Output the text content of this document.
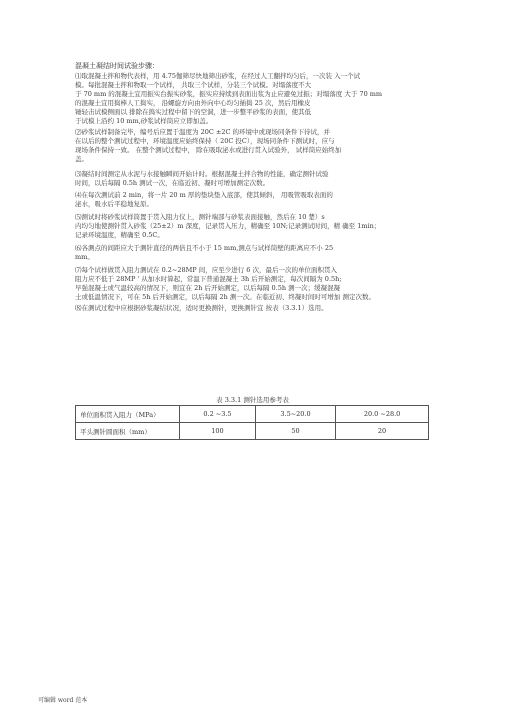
混凝土凝结时间试验步骤：
⑴取混凝土拌和物代表样，用 4.75伽筛尽快地筛出砂浆，在经过人工翻拌均匀后，一次装 入一个试
模。每批混凝土拌和物取一个试样， 共取三个试样，分装三个试模。对塌落度不大
于 70 mm 的混凝土宜用振实台振实砂浆，振实应持续到表面出浆为止应避免过振；对塌落度 大于 70 mm
的混凝土宜用捣棒人工捣实， 沿螺旋方向由外向中心均匀插捣 25 次，然后用橡皮
锤轻击试模侧面以 排除在捣实过程中留下的空洞，进一步整平砂浆的表面，使其低
于试模上沿约 10 mm,砂浆试样筒应立即加盖。
⑵砂浆试样制备完毕，编号后应置于温度为 20C ±2C 的环境中或现场同条件下待试，并
在以后的整个测试过程中，环境温度应始终保持（ 20C 投C），现场同条件下测试时，应与
现场条件保持一致。 在整个测试过程中， 除在吸取泌水或进行贯入试验外， 试样筒应始终加
盖。
⑶凝结时间测定从水泥与水接触瞬间开始计时。根据混凝土拌合物的性能，确定测针试验
时间，以后每隔 0.5h 测试一次，在临近初、凝时可增加测定次数。
⑷在每次测试前 2 min，将一片 20 m 厚的垫块垫入底部，使其倾斜， 用吸管吸取表面的
泌水，吸水后平稳地复原。
⑸测试时将砂浆试样筒置于贯入阻力仪上，测针端部与砂浆表面接触，然后在 10 楚）s
内均匀地使测针贯入砂浆（25±2）m 深度，记录贯入压力，精确至 10N;记录测试时间，精 确至 1min；
记录环境温度，精确至 0.5C。
⑹各测点的间距应大于测针直径的两倍且不小于 15 mm,测点与试样筒壁的距离应不小 25
mm。
⑺每个试样做贯入阻力测试在 0.2~28MP 间，应至少进行 6 次，最后一次的单位面积贯入
阻力应不低于 28MP ' 从加水时算起，常温下普通混凝土 3h 后开始测定，每次间隔为 0.5h;
早强混凝土或气温较高的情况下，则宜在 2h 后开始测定，以后每隔 0.5h 测一次；缓凝混凝
土或低温情况下，可在 5h 后开始测定，以后每隔 2h 测一次。在临近初、终凝时间时可增加 测定次数。
⑻在测试过程中应根据砂浆凝结状况，适时更换测针，更换测针宜 按表（3.3.1）选用。
表 3.3.1 测针选用参考表
单位面积贯入阻力（MPa）	0.2 ~3.5	3.5~20.0	20.0 ~28.0
平头测针圆面积（mm）	100	50	20
可编辑 word 范本
